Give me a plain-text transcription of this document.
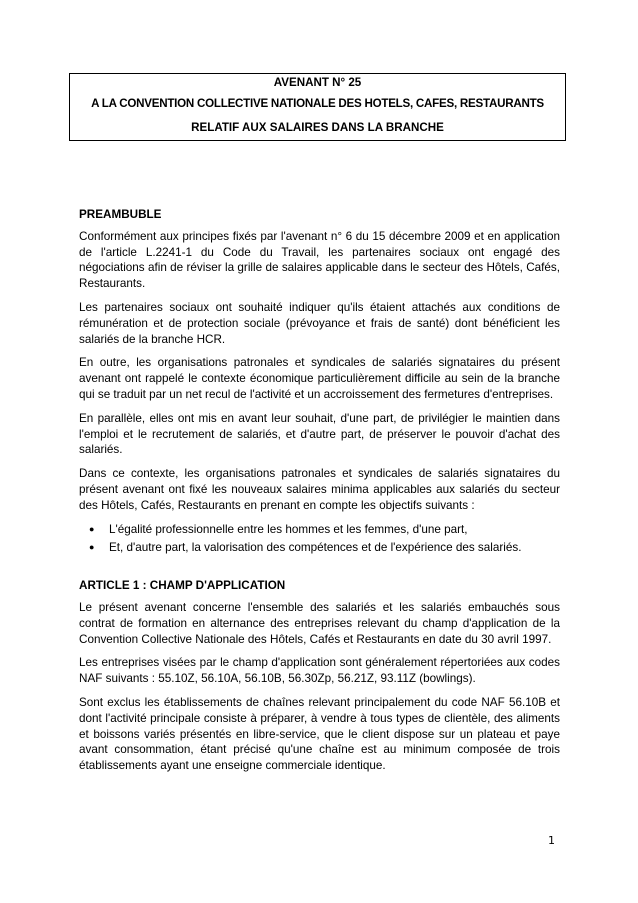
AVENANT N° 25
A LA CONVENTION COLLECTIVE NATIONALE DES HOTELS, CAFES, RESTAURANTS
RELATIF AUX SALAIRES DANS LA BRANCHE
PREAMBUBLE

Conformément aux principes fixés par l'avenant n° 6 du 15 décembre 2009 et en application de l'article L.2241-1 du Code du Travail, les partenaires sociaux ont engagé des négociations afin de réviser la grille de salaires applicable dans le secteur des Hôtels, Cafés, Restaurants.

Les partenaires sociaux ont souhaité indiquer qu'ils étaient attachés aux conditions de rémunération et de protection sociale (prévoyance et frais de santé) dont bénéficient les salariés de la branche HCR.

En outre, les organisations patronales et syndicales de salariés signataires du présent avenant ont rappelé le contexte économique particulièrement difficile au sein de la branche qui se traduit par un net recul de l'activité et un accroissement des fermetures d'entreprises.

En parallèle, elles ont mis en avant leur souhait, d'une part, de privilégier le maintien dans l'emploi et le recrutement de salariés, et d'autre part, de préserver le pouvoir d'achat des salariés.

Dans ce contexte, les organisations patronales et syndicales de salariés signataires du présent avenant ont fixé les nouveaux salaires minima applicables aux salariés du secteur des Hôtels, Cafés, Restaurants en prenant en compte les objectifs suivants :

● L'égalité professionnelle entre les hommes et les femmes, d'une part,
● Et, d'autre part, la valorisation des compétences et de l'expérience des salariés.
ARTICLE 1 : CHAMP D'APPLICATION

Le présent avenant concerne l'ensemble des salariés et les salariés embauchés sous contrat de formation en alternance des entreprises relevant du champ d'application de la Convention Collective Nationale des Hôtels, Cafés et Restaurants en date du 30 avril 1997.

Les entreprises visées par le champ d'application sont généralement répertoriées aux codes NAF suivants : 55.10Z, 56.10A, 56.10B, 56.30Zp, 56.21Z, 93.11Z (bowlings).

Sont exclus les établissements de chaînes relevant principalement du code NAF 56.10B et dont l'activité principale consiste à préparer, à vendre à tous types de clientèle, des aliments et boissons variés présentés en libre-service, que le client dispose sur un plateau et paye avant consommation, étant précisé qu'une chaîne est au minimum composée de trois établissements ayant une enseigne commerciale identique.

1
